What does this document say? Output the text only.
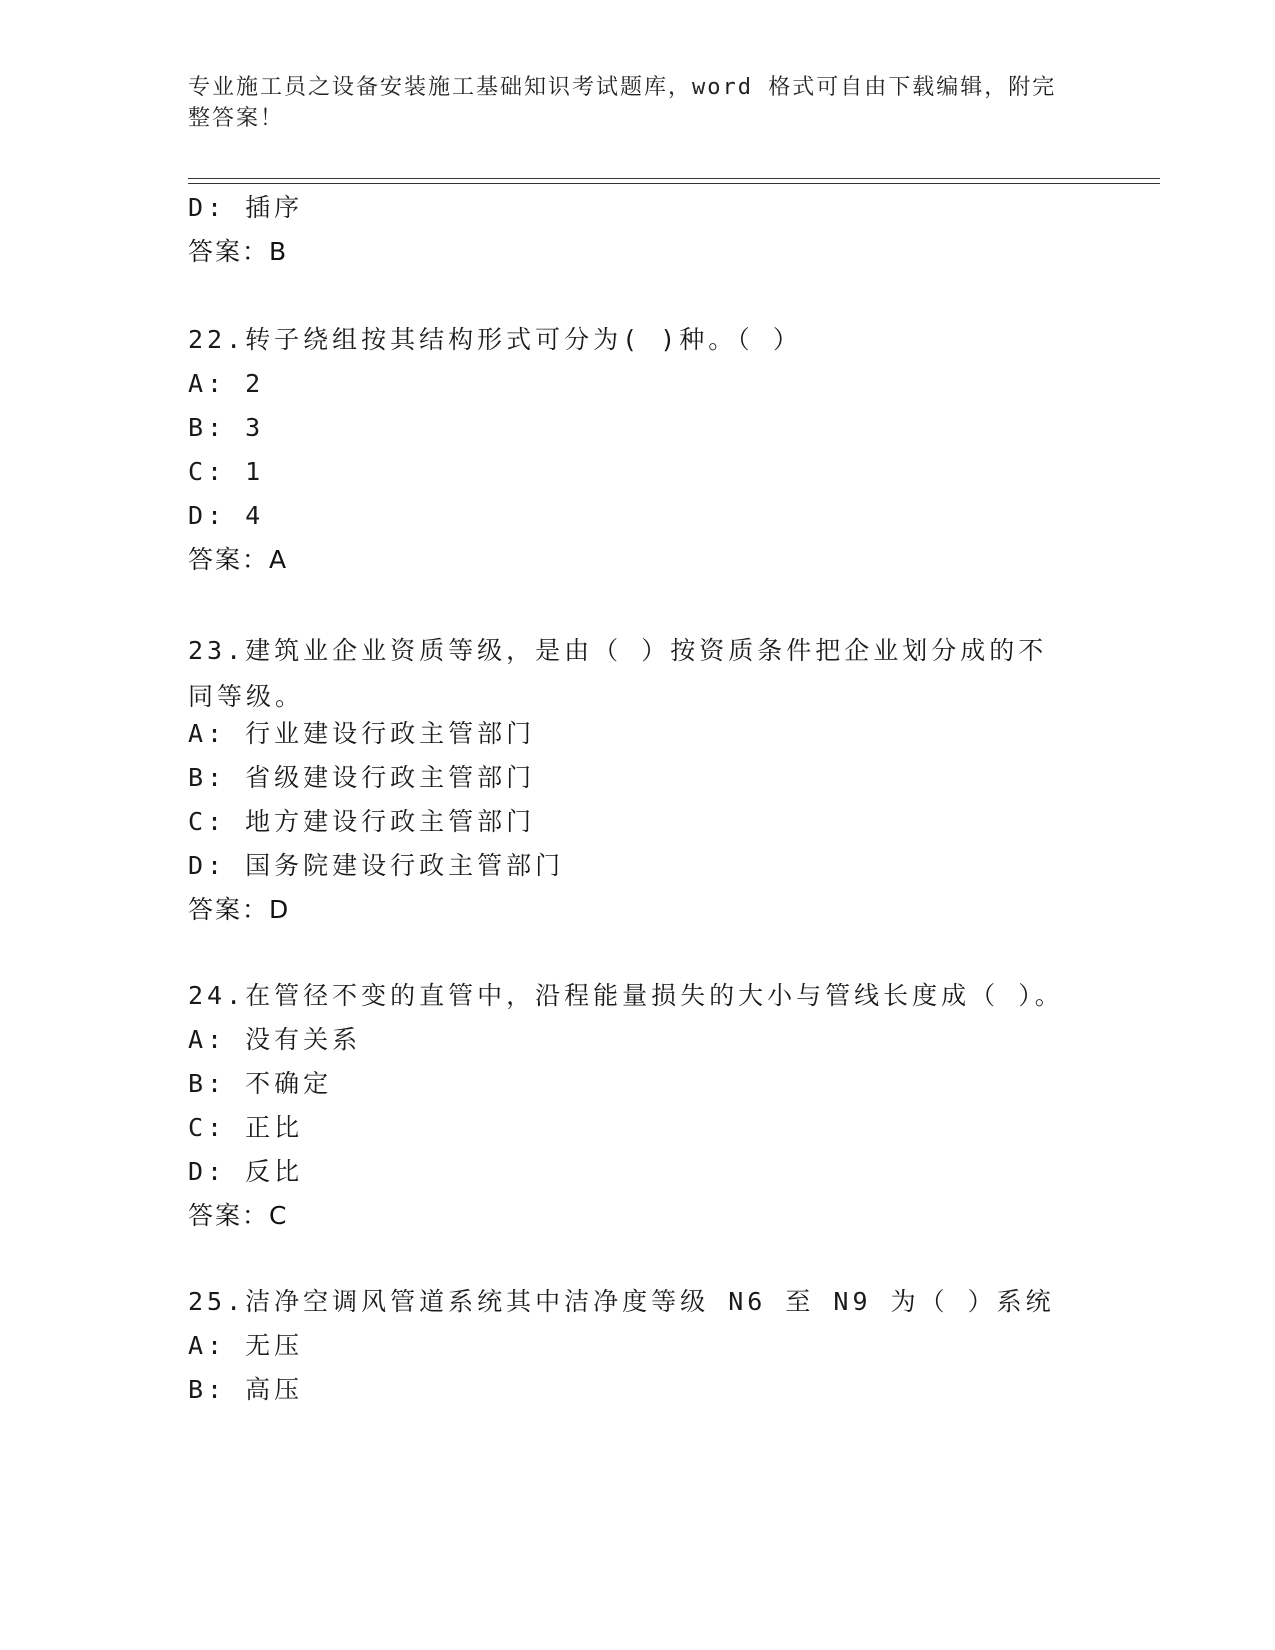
专业施工员之设备安装施工基础知识考试题库，word 格式可自由下载编辑，附完整答案！
D: 插序
答案：B
22.转子绕组按其结构形式可分为( )种。（ ）
A: 2
B: 3
C: 1
D: 4
答案：A
23.建筑业企业资质等级，是由（ ）按资质条件把企业划分成的不同等级。
A: 行业建设行政主管部门
B: 省级建设行政主管部门
C: 地方建设行政主管部门
D: 国务院建设行政主管部门
答案：D
24.在管径不变的直管中，沿程能量损失的大小与管线长度成（ ）。
A: 没有关系
B: 不确定
C: 正比
D: 反比
答案：C
25.洁净空调风管道系统其中洁净度等级 N6 至 N9 为（ ）系统
A: 无压
B: 高压
